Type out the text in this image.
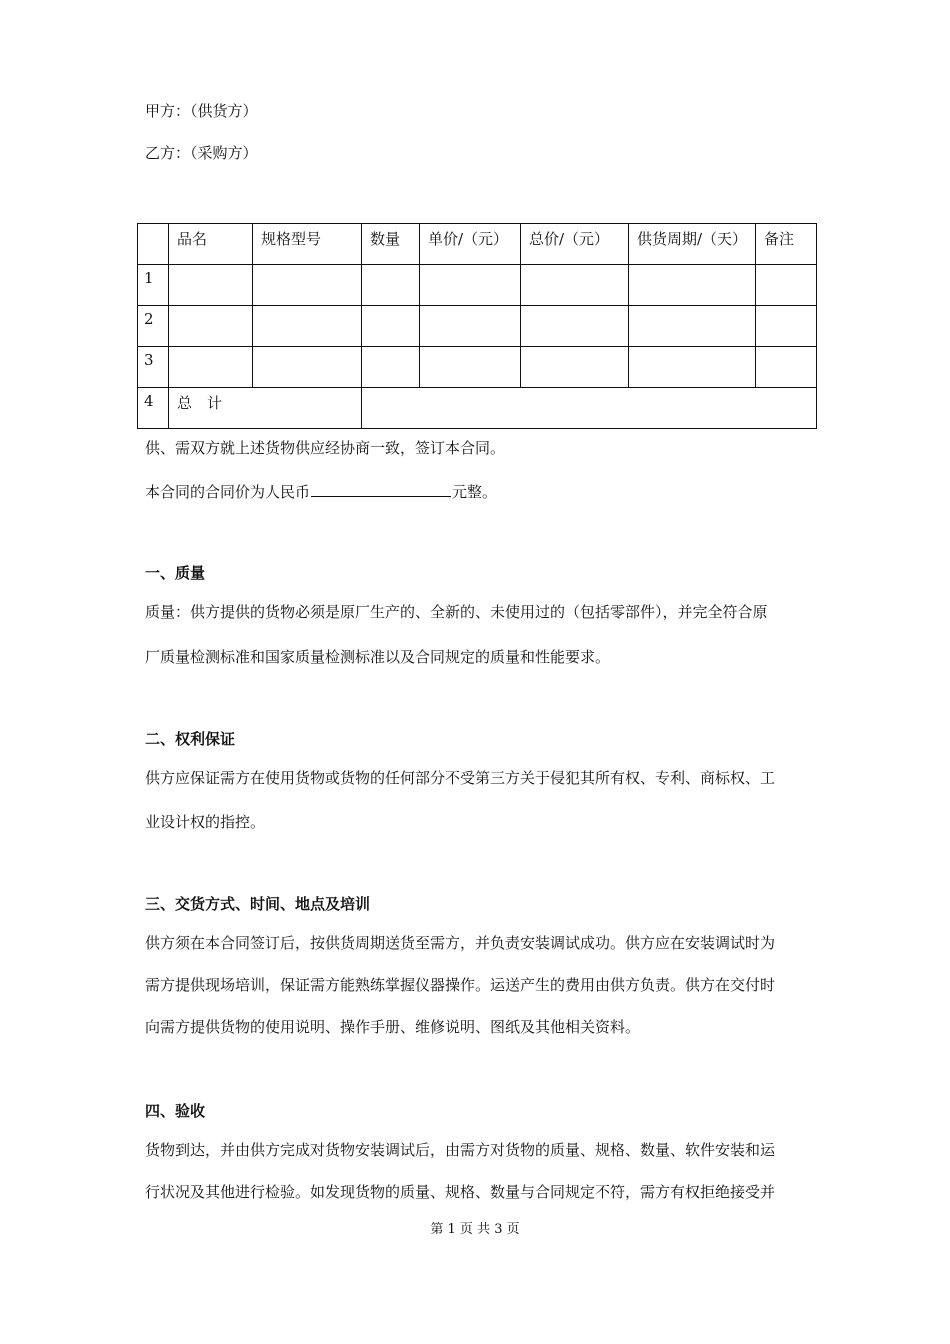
甲方：（供货方）
乙方：（采购方）
	品名	规格型号	数量	单价/（元）	总价/（元）	供货周期/（天）	备注
1							
2							
3							
4	总　计						
供、需双方就上述货物供应经协商一致，签订本合同。
本合同的合同价为人民币	元整。
一、质量
质量：供方提供的货物必须是原厂生产的、全新的、未使用过的（包括零部件），并完全符合原
厂质量检测标准和国家质量检测标准以及合同规定的质量和性能要求。
二、权利保证
供方应保证需方在使用货物或货物的任何部分不受第三方关于侵犯其所有权、专利、商标权、工
业设计权的指控。
三、交货方式、时间、地点及培训
供方须在本合同签订后，按供货周期送货至需方，并负责安装调试成功。供方应在安装调试时为
需方提供现场培训，保证需方能熟练掌握仪器操作。运送产生的费用由供方负责。供方在交付时
向需方提供货物的使用说明、操作手册、维修说明、图纸及其他相关资料。
四、验收
货物到达，并由供方完成对货物安装调试后，由需方对货物的质量、规格、数量、软件安装和运
行状况及其他进行检验。如发现货物的质量、规格、数量与合同规定不符，需方有权拒绝接受并
第 1 页 共 3 页
